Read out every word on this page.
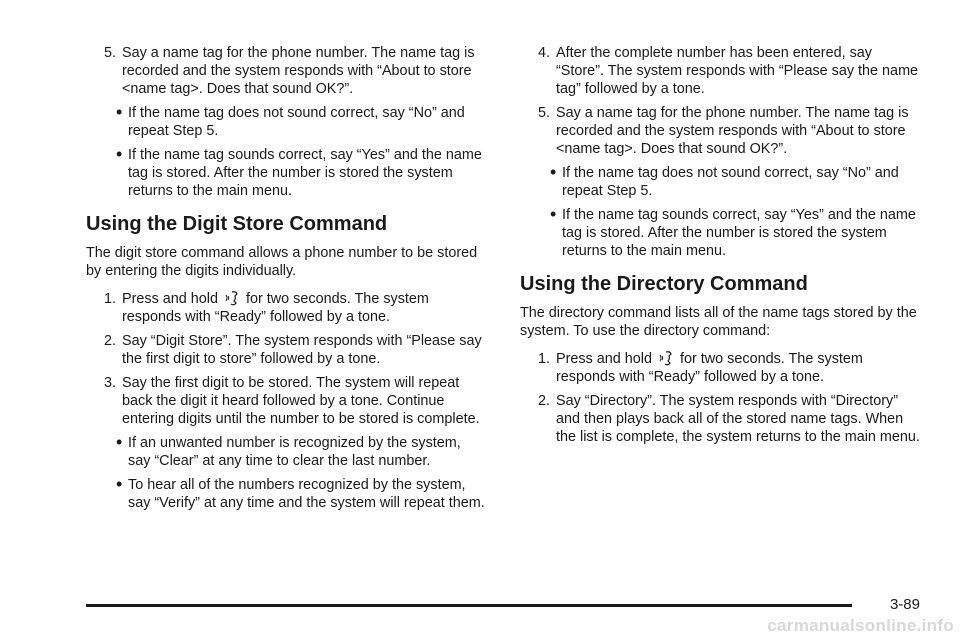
5. Say a name tag for the phone number. The name tag is recorded and the system responds with “About to store <name tag>. Does that sound OK?”.
• If the name tag does not sound correct, say “No” and repeat Step 5.
• If the name tag sounds correct, say “Yes” and the name tag is stored. After the number is stored the system returns to the main menu.
Using the Digit Store Command

The digit store command allows a phone number to be stored by entering the digits individually.

1. Press and hold for two seconds. The system responds with “Ready” followed by a tone.
2. Say “Digit Store”. The system responds with “Please say the first digit to store” followed by a tone.
3. Say the first digit to be stored. The system will repeat back the digit it heard followed by a tone. Continue entering digits until the number to be stored is complete.
• If an unwanted number is recognized by the system, say “Clear” at any time to clear the last number.
• To hear all of the numbers recognized by the system, say “Verify” at any time and the system will repeat them.
4. After the complete number has been entered, say “Store”. The system responds with “Please say the name tag” followed by a tone.
5. Say a name tag for the phone number. The name tag is recorded and the system responds with “About to store <name tag>. Does that sound OK?”.
• If the name tag does not sound correct, say “No” and repeat Step 5.
• If the name tag sounds correct, say “Yes” and the name tag is stored. After the number is stored the system returns to the main menu.
Using the Directory Command

The directory command lists all of the name tags stored by the system. To use the directory command:

1. Press and hold for two seconds. The system responds with “Ready” followed by a tone.
2. Say “Directory”. The system responds with “Directory” and then plays back all of the stored name tags. When the list is complete, the system returns to the main menu.
3-89
carmanualsonline.info
